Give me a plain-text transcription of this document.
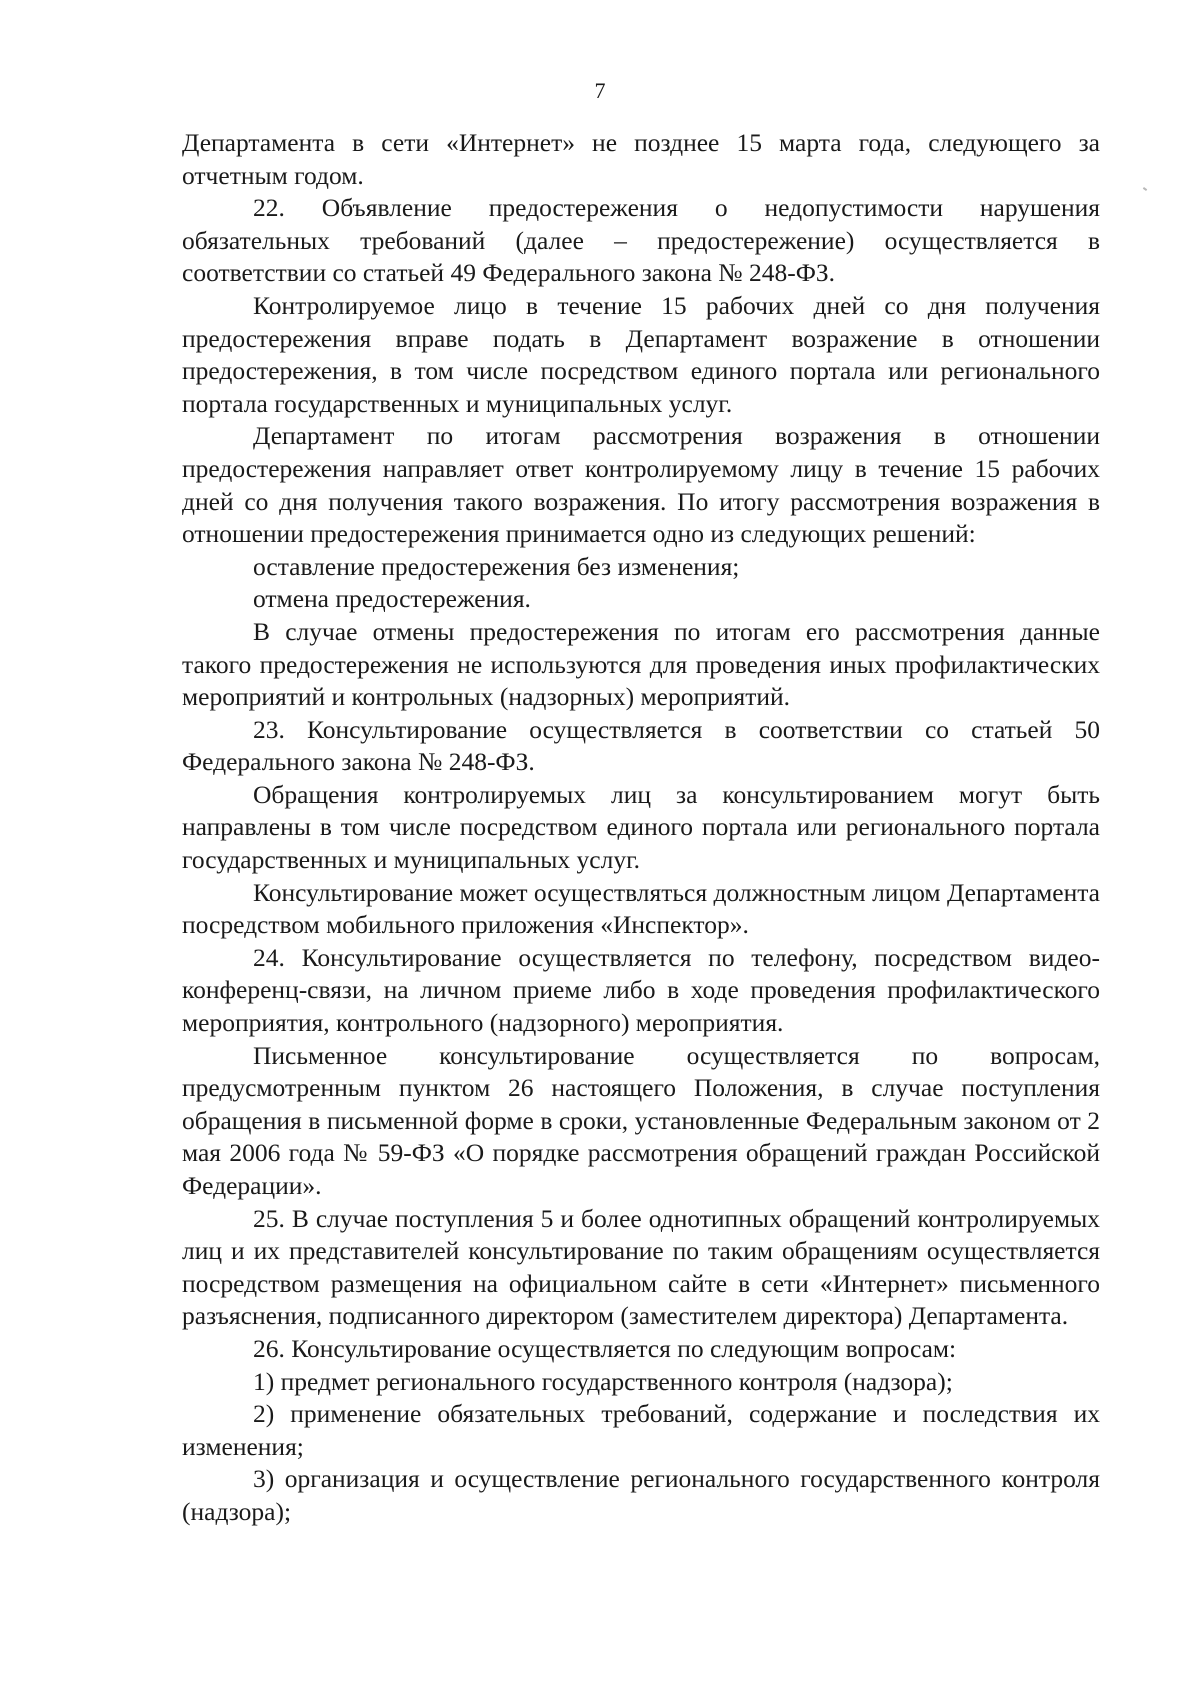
7

Департамента в сети «Интернет» не позднее 15 марта года, следующего за отчетным годом.

22. Объявление предостережения о недопустимости нарушения обязательных требований (далее – предостережение) осуществляется в соответствии со статьей 49 Федерального закона № 248-ФЗ.

Контролируемое лицо в течение 15 рабочих дней со дня получения предостережения вправе подать в Департамент возражение в отношении предостережения, в том числе посредством единого портала или регионального портала государственных и муниципальных услуг.

Департамент по итогам рассмотрения возражения в отношении предостережения направляет ответ контролируемому лицу в течение 15 рабочих дней со дня получения такого возражения. По итогу рассмотрения возражения в отношении предостережения принимается одно из следующих решений:

оставление предостережения без изменения;

отмена предостережения.

В случае отмены предостережения по итогам его рассмотрения данные такого предостережения не используются для проведения иных профилактических мероприятий и контрольных (надзорных) мероприятий.

23. Консультирование осуществляется в соответствии со статьей 50 Федерального закона № 248-ФЗ.

Обращения контролируемых лиц за консультированием могут быть направлены в том числе посредством единого портала или регионального портала государственных и муниципальных услуг.

Консультирование может осуществляться должностным лицом Департамента посредством мобильного приложения «Инспектор».

24. Консультирование осуществляется по телефону, посредством видео-конференц-связи, на личном приеме либо в ходе проведения профилактического мероприятия, контрольного (надзорного) мероприятия.

Письменное консультирование осуществляется по вопросам, предусмотренным пунктом 26 настоящего Положения, в случае поступления обращения в письменной форме в сроки, установленные Федеральным законом от 2 мая 2006 года № 59-ФЗ «О порядке рассмотрения обращений граждан Российской Федерации».

25. В случае поступления 5 и более однотипных обращений контролируемых лиц и их представителей консультирование по таким обращениям осуществляется посредством размещения на официальном сайте в сети «Интернет» письменного разъяснения, подписанного директором (заместителем директора) Департамента.

26. Консультирование осуществляется по следующим вопросам:

1) предмет регионального государственного контроля (надзора);

2) применение обязательных требований, содержание и последствия их изменения;

3) организация и осуществление регионального государственного контроля (надзора);
